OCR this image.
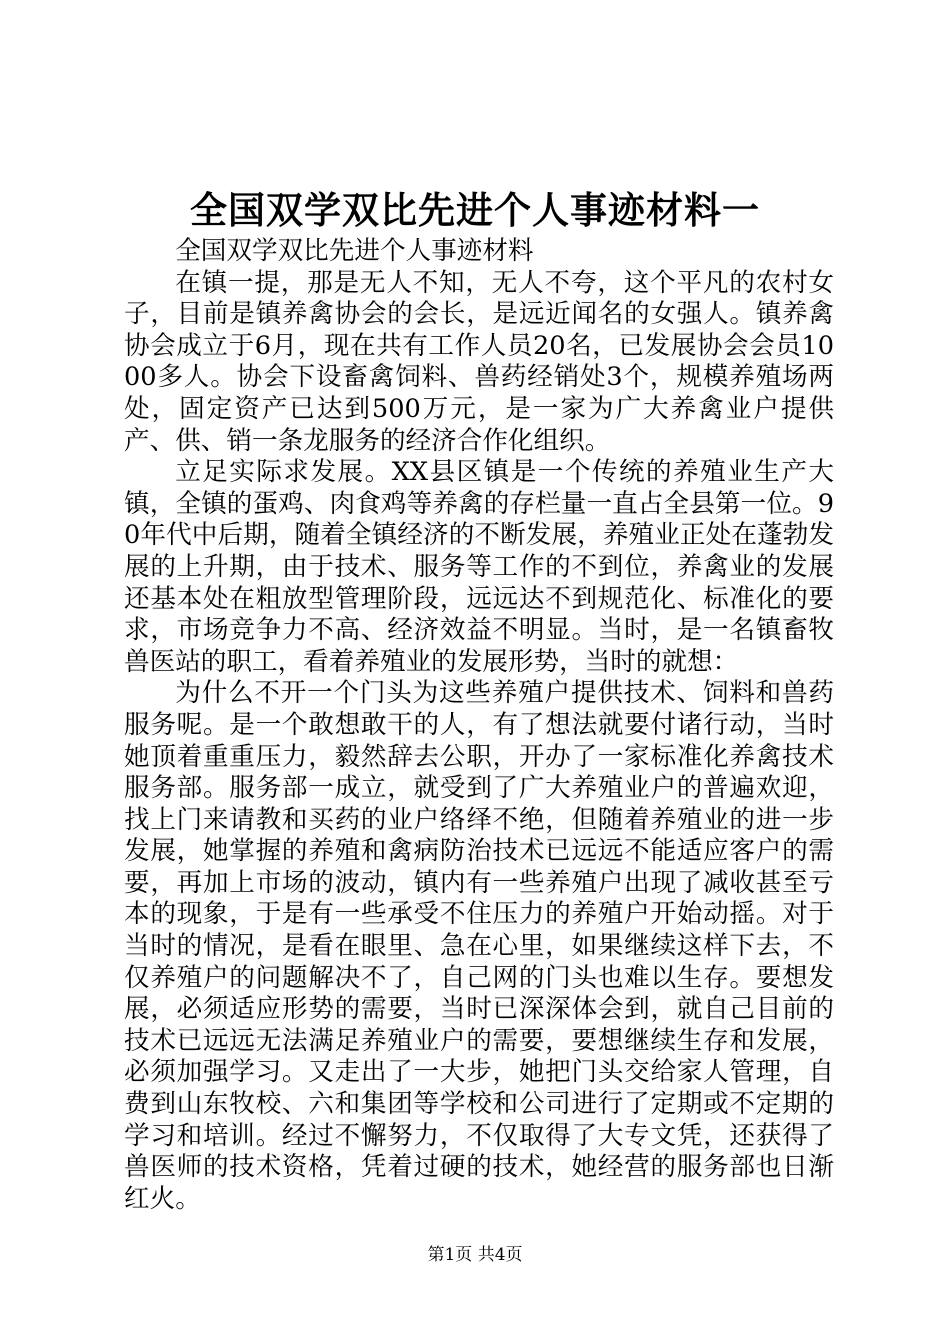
全国双学双比先进个人事迹材料一

全国双学双比先进个人事迹材料

在镇一提，那是无人不知，无人不夸，这个平凡的农村女子，目前是镇养禽协会的会长，是远近闻名的女强人。镇养禽协会成立于6月，现在共有工作人员20名，已发展协会会员1000多人。协会下设畜禽饲料、兽药经销处3个，规模养殖场两处，固定资产已达到500万元，是一家为广大养禽业户提供产、供、销一条龙服务的经济合作化组织。

立足实际求发展。XX县区镇是一个传统的养殖业生产大镇，全镇的蛋鸡、肉食鸡等养禽的存栏量一直占全县第一位。90年代中后期，随着全镇经济的不断发展，养殖业正处在蓬勃发展的上升期，由于技术、服务等工作的不到位，养禽业的发展还基本处在粗放型管理阶段，远远达不到规范化、标准化的要求，市场竞争力不高、经济效益不明显。当时，是一名镇畜牧兽医站的职工，看着养殖业的发展形势，当时的就想：

为什么不开一个门头为这些养殖户提供技术、饲料和兽药服务呢。是一个敢想敢干的人，有了想法就要付诸行动，当时她顶着重重压力，毅然辞去公职，开办了一家标准化养禽技术服务部。服务部一成立，就受到了广大养殖业户的普遍欢迎，找上门来请教和买药的业户络绎不绝，但随着养殖业的进一步发展，她掌握的养殖和禽病防治技术已远远不能适应客户的需要，再加上市场的波动，镇内有一些养殖户出现了减收甚至亏本的现象，于是有一些承受不住压力的养殖户开始动摇。对于当时的情况，是看在眼里、急在心里，如果继续这样下去，不仅养殖户的问题解决不了，自己网的门头也难以生存。要想发展，必须适应形势的需要，当时已深深体会到，就自己目前的技术已远远无法满足养殖业户的需要，要想继续生存和发展，必须加强学习。又走出了一大步，她把门头交给家人管理，自费到山东牧校、六和集团等学校和公司进行了定期或不定期的学习和培训。经过不懈努力，不仅取得了大专文凭，还获得了兽医师的技术资格，凭着过硬的技术，她经营的服务部也日渐红火。

第1页 共4页
